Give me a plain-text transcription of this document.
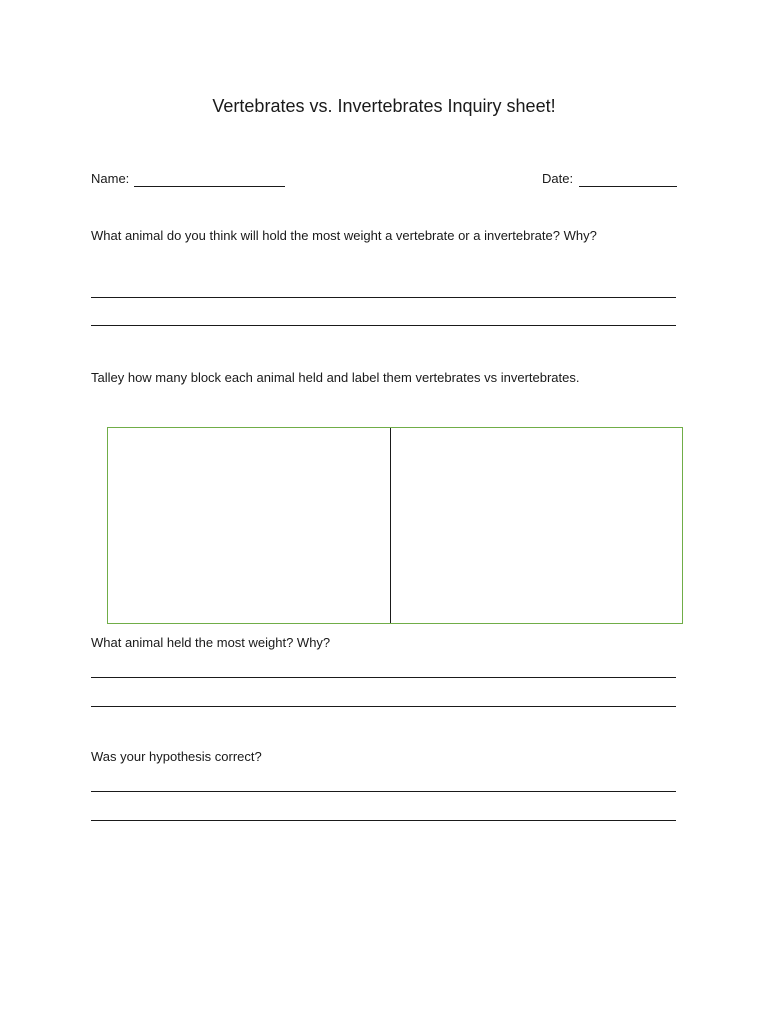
Vertebrates vs. Invertebrates Inquiry sheet!
Name:	Date:
What animal do you think will hold the most weight a vertebrate or a invertebrate? Why?
Talley how many block each animal held and label them vertebrates vs invertebrates.
What animal held the most weight? Why?
Was your hypothesis correct?
